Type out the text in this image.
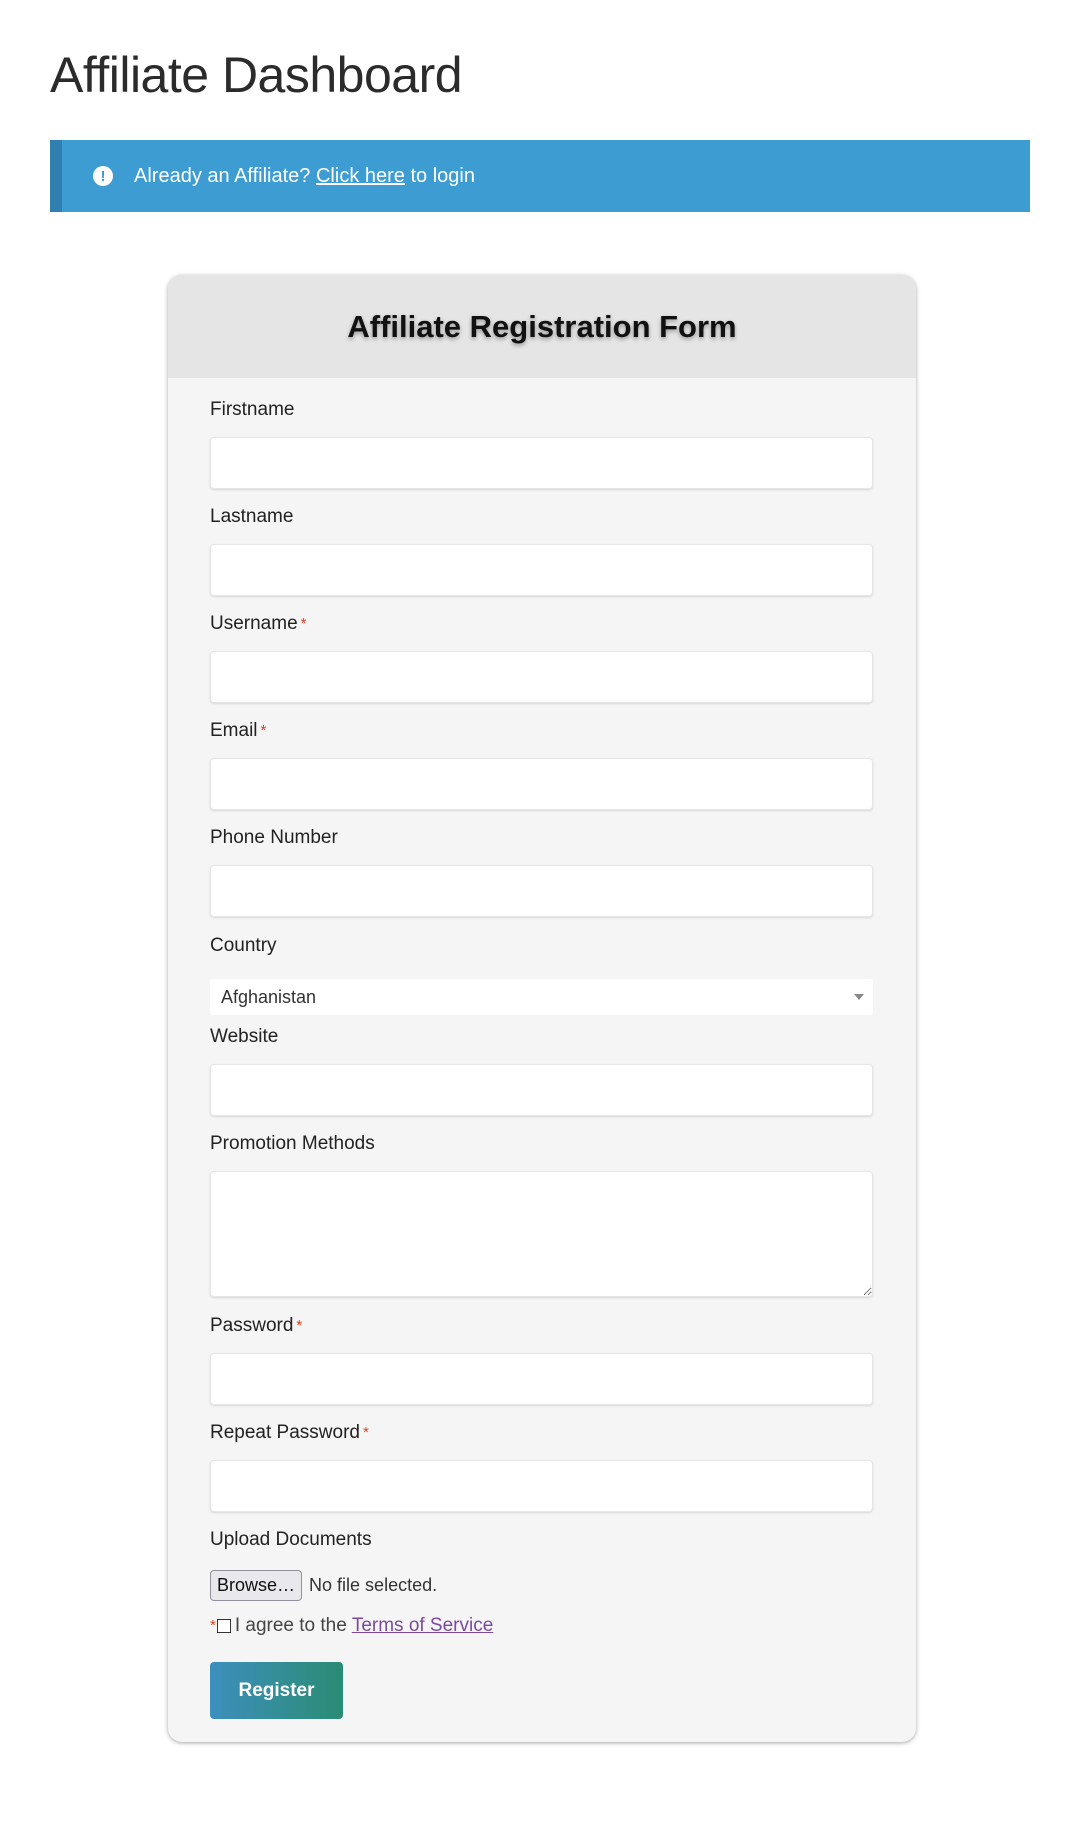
Affiliate Dashboard
!	Already an Affiliate? Click here to login
Affiliate Registration Form
Firstname
Lastname
Username *
Email *
Phone Number
Country
Afghanistan
Website
Promotion Methods
Password *
Repeat Password *
Upload Documents
Browse… No file selected.
* I agree to the Terms of Service
Register
